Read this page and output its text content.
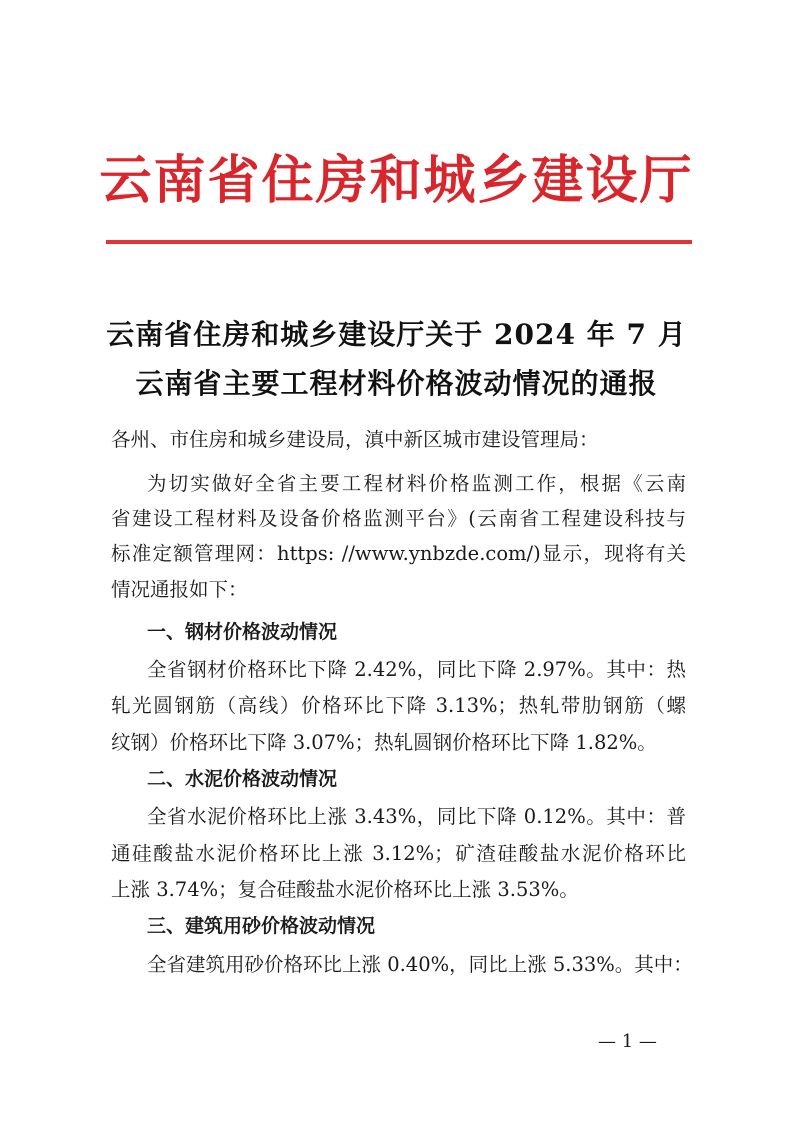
云南省住房和城乡建设厅
云南省住房和城乡建设厅关于 2024 年 7 月
云南省主要工程材料价格波动情况的通报
各州、市住房和城乡建设局，滇中新区城市建设管理局：
为切实做好全省主要工程材料价格监测工作，根据《云南
省建设工程材料及设备价格监测平台》(云南省工程建设科技与
标准定额管理网：https: //www.ynbzde.com/)显示，现将有关
情况通报如下：
一、钢材价格波动情况
全省钢材价格环比下降 2.42%，同比下降 2.97%。其中：热
轧光圆钢筋（高线）价格环比下降 3.13%；热轧带肋钢筋（螺
纹钢）价格环比下降 3.07%；热轧圆钢价格环比下降 1.82%。
二、水泥价格波动情况
全省水泥价格环比上涨 3.43%，同比下降 0.12%。其中：普
通硅酸盐水泥价格环比上涨 3.12%；矿渣硅酸盐水泥价格环比
上涨 3.74%；复合硅酸盐水泥价格环比上涨 3.53%。
三、建筑用砂价格波动情况
全省建筑用砂价格环比上涨 0.40%，同比上涨 5.33%。其中：
— 1 —
